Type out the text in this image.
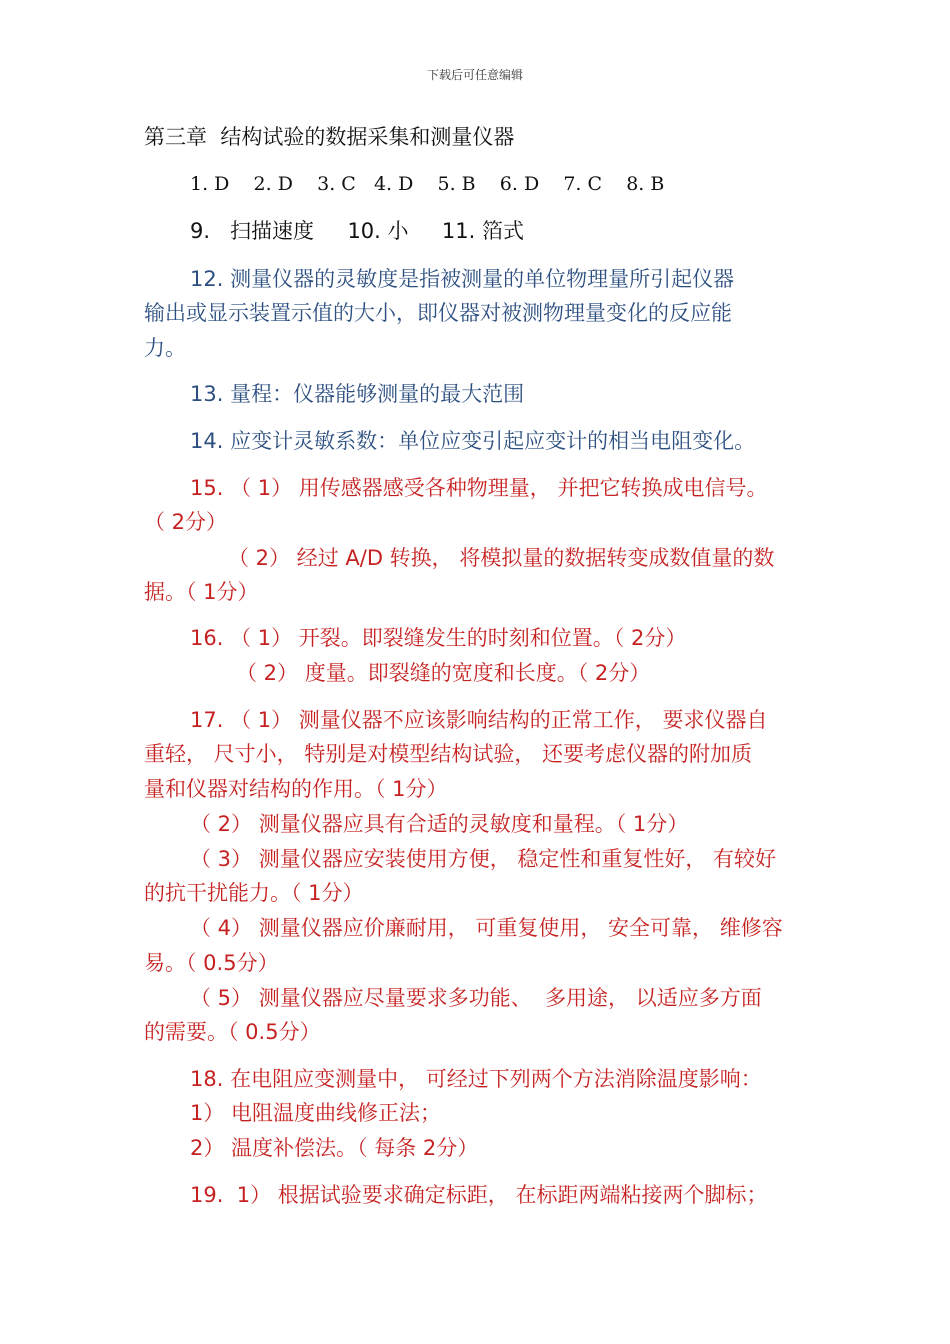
下载后可任意编辑
第三章  结构试验的数据采集和测量仪器
1. D    2. D    3. C   4. D    5. B    6. D    7. C    8. B
9.   扫描速度     10. 小     11. 箔式
12. 测量仪器的灵敏度是指被测量的单位物理量所引起仪器
输出或显示装置示值的大小，即仪器对被测物理量变化的反应能
力。
13. 量程：仪器能够测量的最大范围
14. 应变计灵敏系数：单位应变引起应变计的相当电阻变化。
15. （ 1） 用传感器感受各种物理量， 并把它转换成电信号。
（ 2分）
（ 2） 经过 A/D 转换， 将模拟量的数据转变成数值量的数
据。（ 1分）
16. （ 1） 开裂。即裂缝发生的时刻和位置。（ 2分）
（ 2） 度量。即裂缝的宽度和长度。（ 2分）
17. （ 1） 测量仪器不应该影响结构的正常工作， 要求仪器自
重轻， 尺寸小， 特别是对模型结构试验， 还要考虑仪器的附加质
量和仪器对结构的作用。（ 1分）
（ 2） 测量仪器应具有合适的灵敏度和量程。（ 1分）
（ 3） 测量仪器应安装使用方便， 稳定性和重复性好， 有较好
的抗干扰能力。（ 1分）
（ 4） 测量仪器应价廉耐用， 可重复使用， 安全可靠， 维修容
易。（ 0.5分）
（ 5） 测量仪器应尽量要求多功能、  多用途， 以适应多方面
的需要。（ 0.5分）
18. 在电阻应变测量中， 可经过下列两个方法消除温度影响：
1） 电阻温度曲线修正法；
2） 温度补偿法。（ 每条 2分）
19.  1） 根据试验要求确定标距， 在标距两端粘接两个脚标；
